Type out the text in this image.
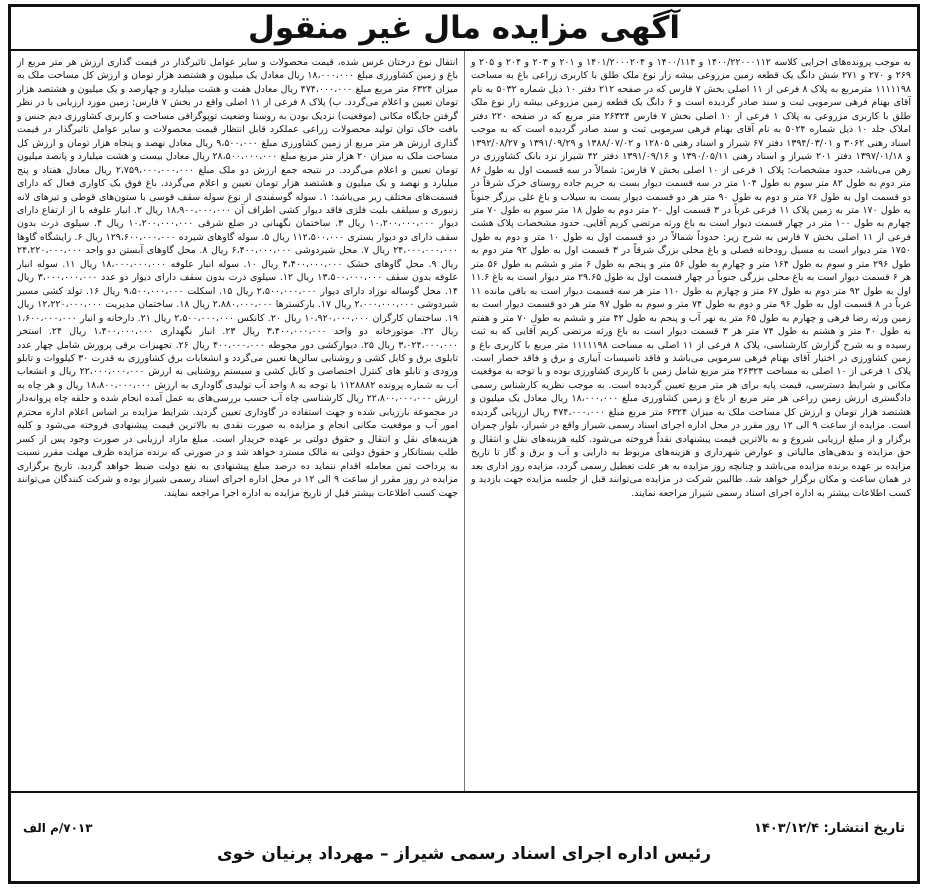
آگهی مزایده مال غیر منقول

به موجب پرونده‌های اجرایی کلاسه ۱۴۰۰/۲۲۰۰۰۱۱۲ و ۱۴۰۰/۱۱۴ و ۱۴۰۱/۲۰۰۰۲۰۴ و ۲۰۱ و ۲۰۳ و ۲۰۴ و ۲۰۵ و ۲۶۹ و ۲۷۰ و ۲۷۱ شش دانگ یک قطعه زمین مزروعی بیشه زار نوع ملک طلق با کاربری زراعی باغ به مساحت ۱۱۱۱۱۹۸ مترمربع به پلاک ۸ فرعی از ۱۱ اصلی بخش ۷ فارس که در صفحه ۲۱۲ دفتر ۱۰ ذیل شماره ۵۰۳۲ به نام آقای بهنام فرهی سرمویی ثبت و سند صادر گردیده است و ۶ دانگ یک قطعه زمین مزروعی بیشه زار نوع ملک طلق با کاربری مزروعی به پلاک ۱ فرعی از ۱۰ اصلی بخش ۷ فارس ۲۶۳۲۴ متر مربع که در صفحه ۲۲۰ دفتر املاک جلد ۱۰ ذیل شماره ۵۰۲۴ به نام آقای بهنام فرهی سرمویی ثبت و سند صادر گردیده است که به موجب اسناد رهنی ۳۰۶۲ و ۱۳۹۴/۰۳/۰۱ دفتر ۶۷ شیراز و اسناد رهنی ۱۲۸۰۵ و ۱۳۸۸/۰۷/۰۲ و ۱۳۹۱/۰۹/۲۹ و ۱۳۹۲/۰۸/۲۷ و ۱۳۹۷/۰۱/۱۸ دفتر ۲۰۱ شیراز و اسناد رهنی ۱۳۹۰/۰۵/۱۱ و ۱۳۹۱/۰۹/۱۶ دفتر ۴۲ شیراز نزد بانک کشاورزی در رهن می‌باشد، حدود مشخصات: پلاک ۱ فرعی از ۱۰ اصلی بخش ۷ فارس: شمالاً در سه قسمت اول به طول ۸۶ متر دوم به طول ۸۲ متر سوم به طول ۱۰۴ متر در سه قسمت دیوار بست به حریم جاده روستای خرک شرقاً در دو قسمت اول به طول ۷۶ متر و دوم به طول ۹۰ متر هر دو قسمت دیوار بست به سیلاب و باغ علی برزگر جنوباً به طول ۱۷۰ متر به زمین پلاک ۱۱ فرعی غرباً در ۳ قسمت اول ۲۰ متر دوم به طول ۱۸ متر سوم به طول ۷۰ متر چهارم به طول ۱۰۰ متر در چهار قسمت دیوار است به باغ ورثه مرتضی کریم آقایی. حدود مشخصات پلاک هشت فرعی از ۱۱ اصلی بخش ۷ فارس به شرح زیر: حدوداً شمالاً در دو قسمت اول به طول ۱۰ متر و دوم به طول ۱۷۵۰ متر دیوار است به مسیل رودخانه فصلی و باغ محلی بزرگ شرقاً در ۳ قسمت اول به طول ۹۲ متر دوم به طول ۲۹۶ متر و سوم به طول ۱۶۴ متر و چهارم به طول ۵۶ متر و پنجم به طول ۶ متر و ششم به طول ۵۶ متر هر ۶ قسمت دیوار است به باغ محلی بزرگی جنوباً در چهار قسمت اول به طول ۲۹.۶۵ متر دیوار است به باغ ۱۱.۶ اول به طول ۹۲ متر دوم به طول ۶۷ متر و چهارم به طول ۱۱۰ متر هر سه قسمت دیوار است به باقی مانده ۱۱ غرباً در ۸ قسمت اول به طول ۹۶ متر و دوم به طول ۷۴ متر و سوم به طول ۹۷ متر هر دو قسمت دیوار است به زمین ورثه رضا فرهی و چهارم به طول ۶۵ متر به نهر آب و پنجم به طول ۴۲ متر و ششم به طول ۷۰ متر و هفتم به طول ۴۰ متر و هشتم به طول ۷۴ متر هر ۳ قسمت دیوار است به باغ ورثه مرتضی کریم آقایی که به ثبت رسیده و به شرح گزارش کارشناسی، پلاک ۸ فرعی از ۱۱ اصلی به مساحت ۱۱۱۱۱۹۸ متر مربع با کاربری باغ و زمین کشاورزی در اختیار آقای بهنام فرهی سرمویی می‌باشد و فاقد تاسیسات آبیاری و برق و فاقد حصار است. پلاک ۱ فرعی از ۱۰ اصلی به مساحت ۲۶۳۲۴ متر مربع شامل زمین با کاربری کشاورزی بوده و با توجه به موقعیت مکانی و شرایط دسترسی، قیمت پایه برای هر متر مربع تعیین گردیده است. به موجب نظریه کارشناس رسمی دادگستری ارزش زمین زراعی هر متر مربع از باغ و زمین کشاورزی مبلغ ۱۸،۰۰۰،۰۰۰ ریال معادل یک میلیون و هشتصد هزار تومان و ارزش کل مساحت ملک به میزان ۶۳۲۴ متر مربع مبلغ ۴۷۴،۰۰۰،۰۰۰ ریال ارزیابی گردیده است. مزایده از ساعت ۹ الی ۱۲ روز مقرر در محل اداره اجرای اسناد رسمی شیراز واقع در شیراز، بلوار چمران برگزار و از مبلغ ارزیابی شروع و به بالاترین قیمت پیشنهادی نقداً فروخته می‌شود. کلیه هزینه‌های نقل و انتقال و حق مزایده و بدهی‌های مالیاتی و عوارض شهرداری و هزینه‌های مربوط به دارایی و آب و برق و گاز تا تاریخ مزایده بر عهده برنده مزایده می‌باشد و چنانچه روز مزایده به هر علت تعطیل رسمی گردد، مزایده روز اداری بعد در همان ساعت و مکان برگزار خواهد شد. طالبین شرکت در مزایده می‌توانند قبل از جلسه مزایده جهت بازدید و کسب اطلاعات بیشتر به اداره اجرای اسناد رسمی شیراز مراجعه نمایند.

انتقال نوع درختان غرس شده، قیمت محصولات و سایر عوامل تاثیرگذار در قیمت گذاری ارزش هر متر مربع از باغ و زمین کشاورزی مبلغ ۱۸،۰۰۰،۰۰۰ ریال معادل یک میلیون و هشتصد هزار تومان و ارزش کل مساحت ملک به میزان ۶۳۲۴ متر مربع مبلغ ۴۷۴،۰۰۰،۰۰۰ ریال معادل هفت و هشت میلیارد و چهارصد و یک میلیون و هشتصد هزار تومان تعیین و اعلام می‌گردد. ب) پلاک ۸ فرعی از ۱۱ اصلی واقع در بخش ۷ فارس: زمین مورد ارزیابی با در نظر گرفتن جایگاه مکانی (موقعیت) نزدیک بودن به روستا وضعیت توپوگرافی مساحت و کاربری کشاورزی دیم جنس و بافت خاک توان تولید محصولات زراعی عملکرد قابل انتظار قیمت محصولات و سایر عوامل تاثیرگذار در قیمت گذاری ارزش هر متر مربع از زمین کشاورزی مبلغ ۹،۵۰۰،۰۰۰ ریال معادل نهصد و پنجاه هزار تومان و ارزش کل مساحت ملک به میزان ۲۰ هزار متر مربع مبلغ ۲۸،۵۰۰،۰۰۰،۰۰۰ ریال معادل بیست و هشت میلیارد و پانصد میلیون تومان تعیین و اعلام می‌گردد. در نتیجه جمع ارزش دو ملک مبلغ ۲،۷۵۹،۰۰۰،۰۰۰،۰۰۰ ریال معادل هفتاد و پنج میلیارد و نهصد و یک میلیون و هشتصد هزار تومان تعیین و اعلام می‌گردد. باغ فوق یک کاواری فعال که دارای قسمت‌های مختلف زیر می‌باشد: ۱. سوله گوسفندی از نوع سوله سقف قوسی با ستون‌های قوطی و تیرهای لانه زنبوری و سیلقف بلیت فلزی فاقد دیوار کشی اطراف آن ۱۸،۹۰۰،۰۰۰،۰۰۰ ریال ۲. انبار علوفه با از ارتفاع دارای دیوار ۱۰،۲۰۰،۰۰۰،۰۰۰ ریال ۳. ساختمان نگهبانی در ضلع شرقی ۱۰،۲۰۰،۰۰۰،۰۰۰ ریال ۴. سیلوی ذرت بدون سقف دارای دو دیوار بستری ۱۱۲،۵۰۰،۰۰۰ ریال ۵. سوله گاوهای شیرده ۱۲۹،۶۰۰،۰۰۰،۰۰۰ ریال ۶. زایشگاه گاوها ۲۴،۰۰۰،۰۰۰،۰۰۰ ریال ۷. محل شیردوشی ۶،۴۰۰،۰۰۰،۰۰۰ ریال ۸. محل گاوهای آبستن دو واحد ۲۴،۲۲۰،۰۰۰،۰۰۰ ریال ۹. محل گاوهای خشک ۴،۴۰۰،۰۰۰،۰۰۰ ریال ۱۰. سوله انبار علوفه ۱۸،۰۰۰،۰۰۰،۰۰۰ ریال ۱۱. سوله انبار علوفه بدون سقف ۱۳،۵۰۰،۰۰۰،۰۰۰ ریال ۱۲. سیلوی ذرت بدون سقف دارای دیوار دو عدد ۳،۰۰۰،۰۰۰،۰۰۰ ریال ۱۴. محل گوساله نوزاد دارای دیوار ۲،۵۰۰،۰۰۰،۰۰۰ ریال ۱۵. اسکلت ۹،۵۰۰،۰۰۰،۰۰۰ ریال ۱۶. تولد کشی مسیر شیردوشی ۲،۰۰۰،۰۰۰،۰۰۰ ریال ۱۷. بارکسترها ۲،۸۸۰،۰۰۰،۰۰۰ ریال ۱۸. ساختمان مدیریت ۱۲،۲۲۰،۰۰۰،۰۰۰ ریال ۱۹. ساختمان کارگران ۱۰،۹۲۰،۰۰۰،۰۰۰ ریال ۲۰. کانکس ۲،۵۰۰،۰۰۰،۰۰۰ ریال ۲۱. دارخانه و انبار ۱،۶۰۰،۰۰۰،۰۰۰ ریال ۲۲. موتورخانه دو واحد ۳،۴۰۰،۰۰۰،۰۰۰ ریال ۲۳. انبار نگهداری ۱،۴۰۰،۰۰۰،۰۰۰ ریال ۲۴. استخر ۳،۰۲۴،۰۰۰،۰۰۰ ریال ۲۵. دیوارکشی دور محوطه ۴۰۰،۰۰۰،۰۰۰ ریال ۲۶. تجهیزات برقی پرورش شامل چهار عدد تابلوی برق و کابل کشی و روشنایی سالن‌ها تعیین می‌گردد و انشعابات برق کشاورزی به قدرت ۳۰ کیلووات و تابلو ورودی و تابلو های کنترل اختصاصی و کابل کشی و سیستم روشنایی به ارزش ۲۲،۰۰۰،۰۰۰،۰۰۰ ریال و انشعاب آب به شماره پرونده ۱۱۲۸۸۸۲ با توجه به ۸ واحد آب تولیدی گاوداری به ارزش ۱۸،۸۰۰،۰۰۰،۰۰۰ ریال و هر چاه به ارزش ۲۲،۸۰۰،۰۰۰،۰۰۰ ریال کارشناسی چاه آب حسب بررسی‌های به عمل آمده انجام شده و حلقه چاه پروانه‌دار در مجموعه بارزیابی شده و جهت استفاده در گاوداری تعیین گردید. شرایط مزایده بر اساس اعلام اداره محترم امور آب و موقعیت مکانی انجام و مزایده به صورت نقدی به بالاترین قیمت پیشنهادی فروخته می‌شود و کلیه هزینه‌های نقل و انتقال و حقوق دولتی بر عهده خریدار است. مبلغ مازاد ارزیابی در صورت وجود پس از کسر طلب بستانکار و حقوق دولتی به مالک مسترد خواهد شد و در صورتی که برنده مزایده ظرف مهلت مقرر نسبت به پرداخت ثمن معامله اقدام ننماید ده درصد مبلغ پیشنهادی به نفع دولت ضبط خواهد گردید. تاریخ برگزاری مزایده در روز مقرر از ساعت ۹ الی ۱۲ در محل اداره اجرای اسناد رسمی شیراز بوده و شرکت کنندگان می‌توانند جهت کسب اطلاعات بیشتر قبل از تاریخ مزایده به اداره اجرا مراجعه نمایند.

تاریخ انتشار: ۱۴۰۳/۱۲/۴
۷۰۱۳/م الف
رئیس اداره اجرای اسناد رسمی شیراز – مهرداد پرنیان خوی
